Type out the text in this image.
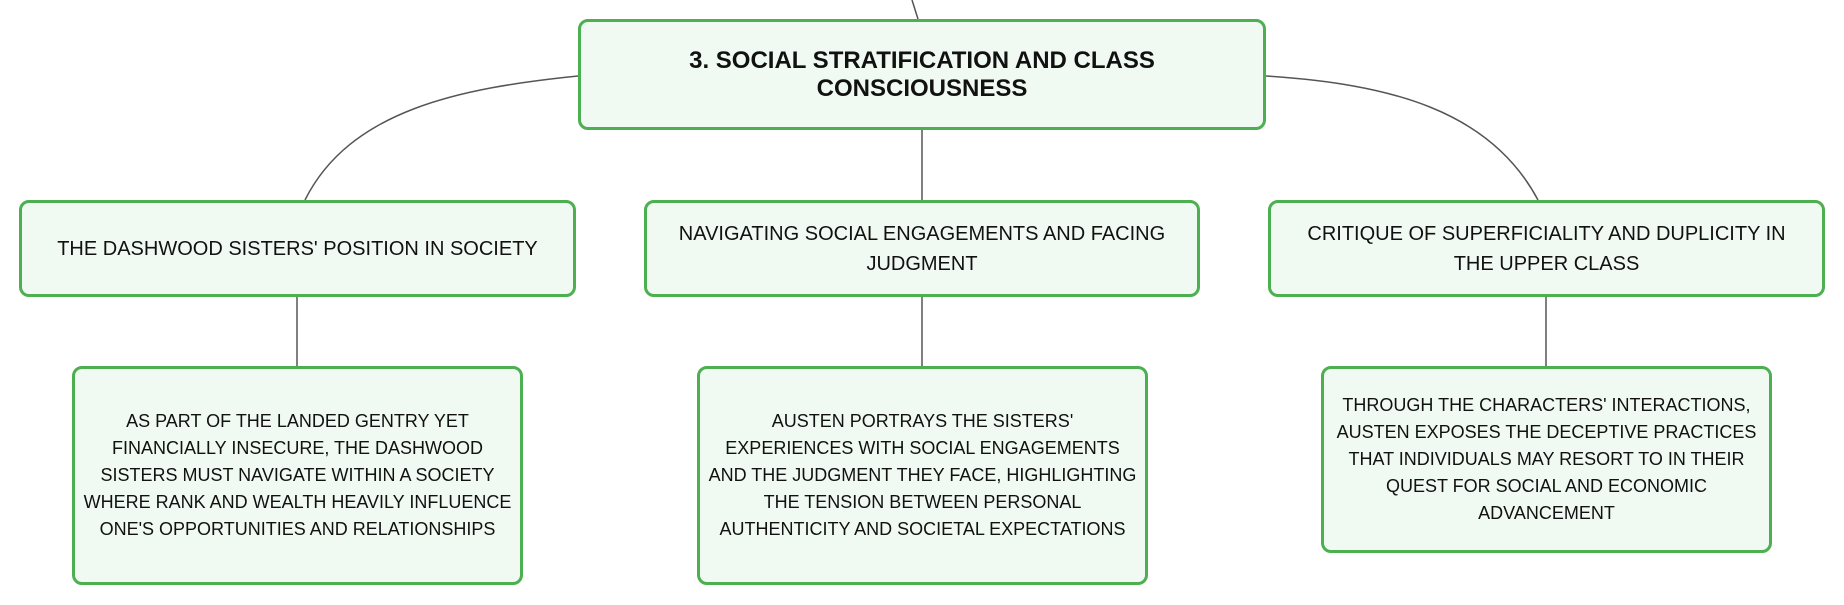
3. SOCIAL STRATIFICATION AND CLASS CONSCIOUSNESS
THE DASHWOOD SISTERS' POSITION IN SOCIETY
NAVIGATING SOCIAL ENGAGEMENTS AND FACING JUDGMENT
CRITIQUE OF SUPERFICIALITY AND DUPLICITY IN THE UPPER CLASS
AS PART OF THE LANDED GENTRY YET FINANCIALLY INSECURE, THE DASHWOOD SISTERS MUST NAVIGATE WITHIN A SOCIETY WHERE RANK AND WEALTH HEAVILY INFLUENCE ONE'S OPPORTUNITIES AND RELATIONSHIPS
AUSTEN PORTRAYS THE SISTERS' EXPERIENCES WITH SOCIAL ENGAGEMENTS AND THE JUDGMENT THEY FACE, HIGHLIGHTING THE TENSION BETWEEN PERSONAL AUTHENTICITY AND SOCIETAL EXPECTATIONS
THROUGH THE CHARACTERS' INTERACTIONS, AUSTEN EXPOSES THE DECEPTIVE PRACTICES THAT INDIVIDUALS MAY RESORT TO IN THEIR QUEST FOR SOCIAL AND ECONOMIC ADVANCEMENT
